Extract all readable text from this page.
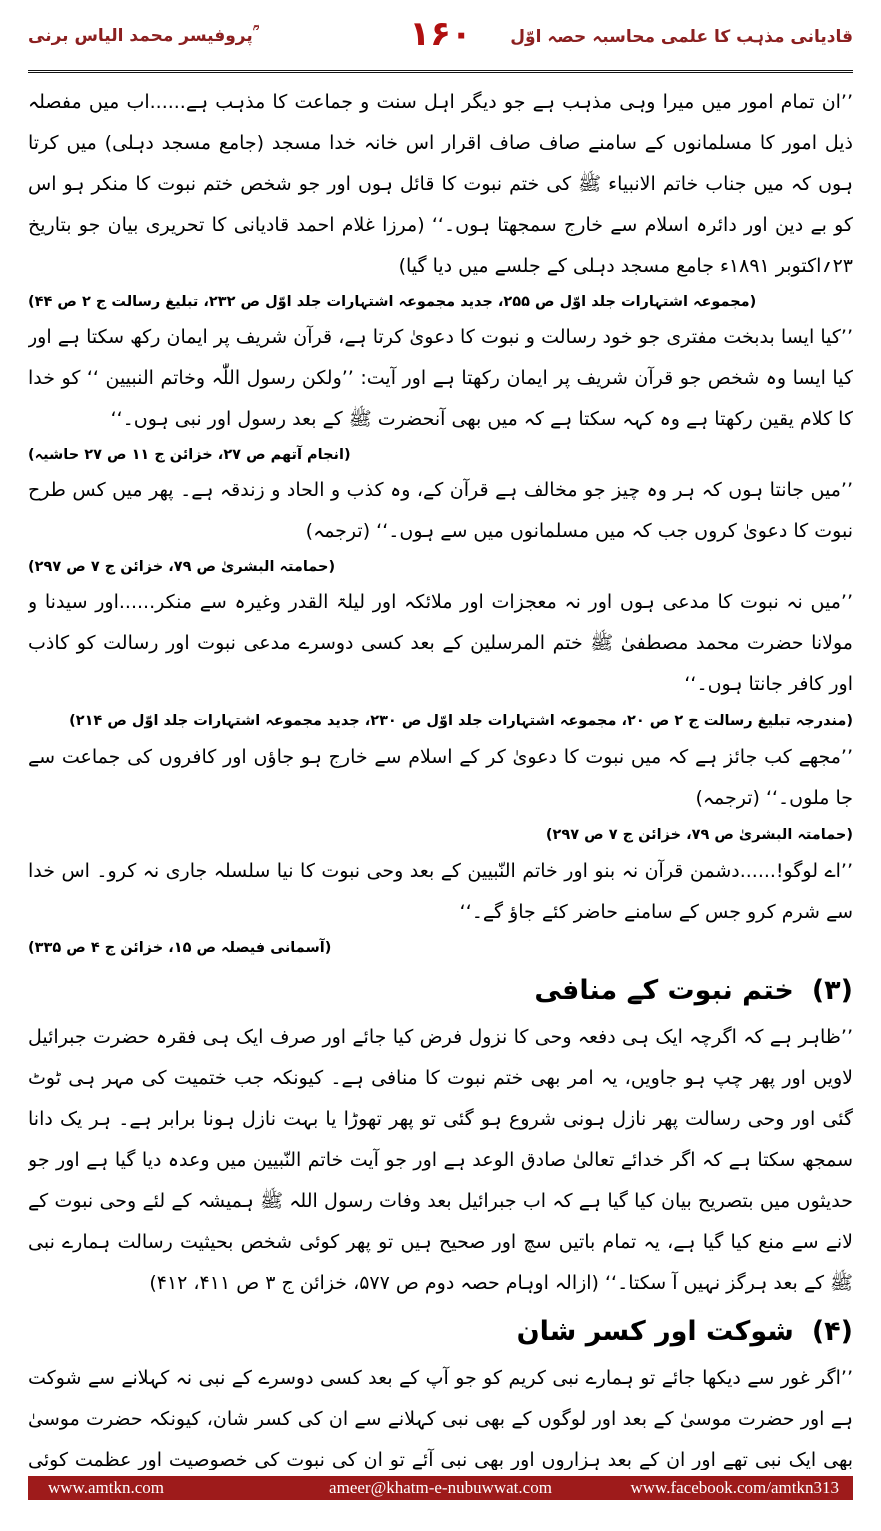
پروفیسر محمد الیاس برنی ؒ	۱۶۰	قادیانی مذہب کا علمی محاسبہ حصہ اوّل

’’ان تمام امور میں میرا وہی مذہب ہے جو دیگر اہل سنت و جماعت کا مذہب ہے......اب میں مفصلہ ذیل امور کا مسلمانوں کے سامنے صاف صاف اقرار اس خانہ خدا مسجد (جامع مسجد دہلی) میں کرتا ہوں کہ میں جناب خاتم الانبیاء ﷺ کی ختم نبوت کا قائل ہوں اور جو شخص ختم نبوت کا منکر ہو اس کو بے دین اور دائرہ اسلام سے خارج سمجھتا ہوں۔‘‘ (مرزا غلام احمد قادیانی کا تحریری بیان جو بتاریخ ۲۳؍اکتوبر ۱۸۹۱ء جامع مسجد دہلی کے جلسے میں دیا گیا)

(مجموعہ اشتہارات جلد اوّل ص ۲۵۵، جدید مجموعہ اشتہارات جلد اوّل ص ۲۳۲، تبلیغ رسالت ج ۲ ص ۴۴)

’’کیا ایسا بدبخت مفتری جو خود رسالت و نبوت کا دعویٰ کرتا ہے، قرآن شریف پر ایمان رکھ سکتا ہے اور کیا ایسا وہ شخص جو قرآن شریف پر ایمان رکھتا ہے اور آیت: ’’ولکن رسول اللّٰہ وخاتم النبیین ‘‘ کو خدا کا کلام یقین رکھتا ہے وہ کہہ سکتا ہے کہ میں بھی آنحضرت ﷺ کے بعد رسول اور نبی ہوں۔‘‘

(انجام آتھم ص ۲۷، خزائن ج ۱۱ ص ۲۷ حاشیہ)

’’میں جانتا ہوں کہ ہر وہ چیز جو مخالف ہے قرآن کے، وہ کذب و الحاد و زندقہ ہے۔ پھر میں کس طرح نبوت کا دعویٰ کروں جب کہ میں مسلمانوں میں سے ہوں۔‘‘ (ترجمہ)

(حمامتہ البشریٰ ص ۷۹، خزائن ج ۷ ص ۲۹۷)

’’میں نہ نبوت کا مدعی ہوں اور نہ معجزات اور ملائکہ اور لیلۃ القدر وغیرہ سے منکر......اور سیدنا و مولانا حضرت محمد مصطفیٰ ﷺ ختم المرسلین کے بعد کسی دوسرے مدعی نبوت اور رسالت کو کاذب اور کافر جانتا ہوں۔‘‘

(مندرجہ تبلیغ رسالت ج ۲ ص ۲۰، مجموعہ اشتہارات جلد اوّل ص ۲۳۰، جدید مجموعہ اشتہارات جلد اوّل ص ۲۱۴)

’’مجھے کب جائز ہے کہ میں نبوت کا دعویٰ کر کے اسلام سے خارج ہو جاؤں اور کافروں کی جماعت سے جا ملوں۔‘‘ (ترجمہ)

(حمامتہ البشریٰ ص ۷۹، خزائن ج ۷ ص ۲۹۷)

’’اے لوگو!......دشمن قرآن نہ بنو اور خاتم النّبیین کے بعد وحی نبوت کا نیا سلسلہ جاری نہ کرو۔ اس خدا سے شرم کرو جس کے سامنے حاضر کئے جاؤ گے۔‘‘

(آسمانی فیصلہ ص ۱۵، خزائن ج ۴ ص ۳۳۵)
(۳)ختم نبوت کے منافی

’’ظاہر ہے کہ اگرچہ ایک ہی دفعہ وحی کا نزول فرض کیا جائے اور صرف ایک ہی فقرہ حضرت جبرائیل لاویں اور پھر چپ ہو جاویں، یہ امر بھی ختم نبوت کا منافی ہے۔ کیونکہ جب ختمیت کی مہر ہی ٹوٹ گئی اور وحی رسالت پھر نازل ہونی شروع ہو گئی تو پھر تھوڑا یا بہت نازل ہونا برابر ہے۔ ہر یک دانا سمجھ سکتا ہے کہ اگر خدائے تعالیٰ صادق الوعد ہے اور جو آیت خاتم النّبیین میں وعدہ دیا گیا ہے اور جو حدیثوں میں بتصریح بیان کیا گیا ہے کہ اب جبرائیل بعد وفات رسول اللہ ﷺ ہمیشہ کے لئے وحی نبوت کے لانے سے منع کیا گیا ہے، یہ تمام باتیں سچ اور صحیح ہیں تو پھر کوئی شخص بحیثیت رسالت ہمارے نبی ﷺ کے بعد ہرگز نہیں آ سکتا۔‘‘ (ازالہ اوہام حصہ دوم ص ۵۷۷، خزائن ج ۳ ص ۴۱۱، ۴۱۲)

(۴)شوکت اور کسر شان

’’اگر غور سے دیکھا جائے تو ہمارے نبی کریم کو جو آپ کے بعد کسی دوسرے کے نبی نہ کہلانے سے شوکت ہے اور حضرت موسیٰ کے بعد اور لوگوں کے بھی نبی کہلانے سے ان کی کسر شان، کیونکہ حضرت موسیٰ بھی ایک نبی تھے اور ان کے بعد ہزاروں اور بھی نبی آئے تو ان کی نبوت کی خصوصیت اور عظمت کوئی

www.amtkn.com	ameer@khatm-e-nubuwwat.com	www.facebook.com/amtkn313
